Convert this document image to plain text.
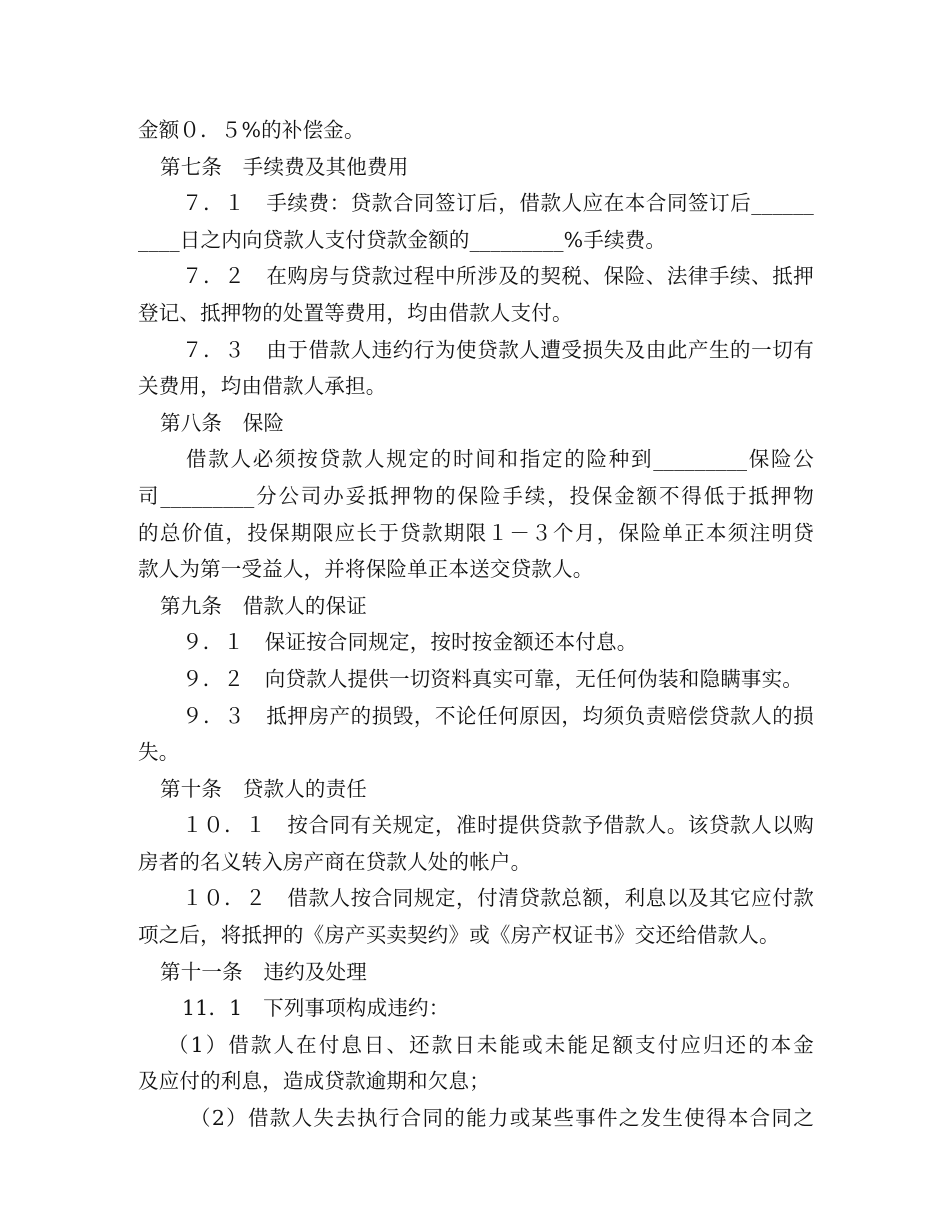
金额０．５%的补偿金。
第七条　手续费及其他费用
７．１　手续费：贷款合同签订后，借款人应在本合同签订后______
____日之内向贷款人支付贷款金额的_________%手续费。
７．２　在购房与贷款过程中所涉及的契税、保险、法律手续、抵押
登记、抵押物的处置等费用，均由借款人支付。
７．３　由于借款人违约行为使贷款人遭受损失及由此产生的一切有
关费用，均由借款人承担。
第八条　保险
借款人必须按贷款人规定的时间和指定的险种到_________保险公
司_________分公司办妥抵押物的保险手续，投保金额不得低于抵押物
的总价值，投保期限应长于贷款期限１－３个月，保险单正本须注明贷
款人为第一受益人，并将保险单正本送交贷款人。
第九条　借款人的保证
９．１　保证按合同规定，按时按金额还本付息。
９．２　向贷款人提供一切资料真实可靠，无任何伪装和隐瞒事实。
９．３　抵押房产的损毁，不论任何原因，均须负责赔偿贷款人的损
失。
第十条　贷款人的责任
１０．１　按合同有关规定，准时提供贷款予借款人。该贷款人以购
房者的名义转入房产商在贷款人处的帐户。
１０．２　借款人按合同规定，付清贷款总额，利息以及其它应付款
项之后，将抵押的《房产买卖契约》或《房产权证书》交还给借款人。
第十一条　违约及处理
11．1　下列事项构成违约：
（1）借款人在付息日、还款日未能或未能足额支付应归还的本金
及应付的利息，造成贷款逾期和欠息；
（2）借款人失去执行合同的能力或某些事件之发生使得本合同之
